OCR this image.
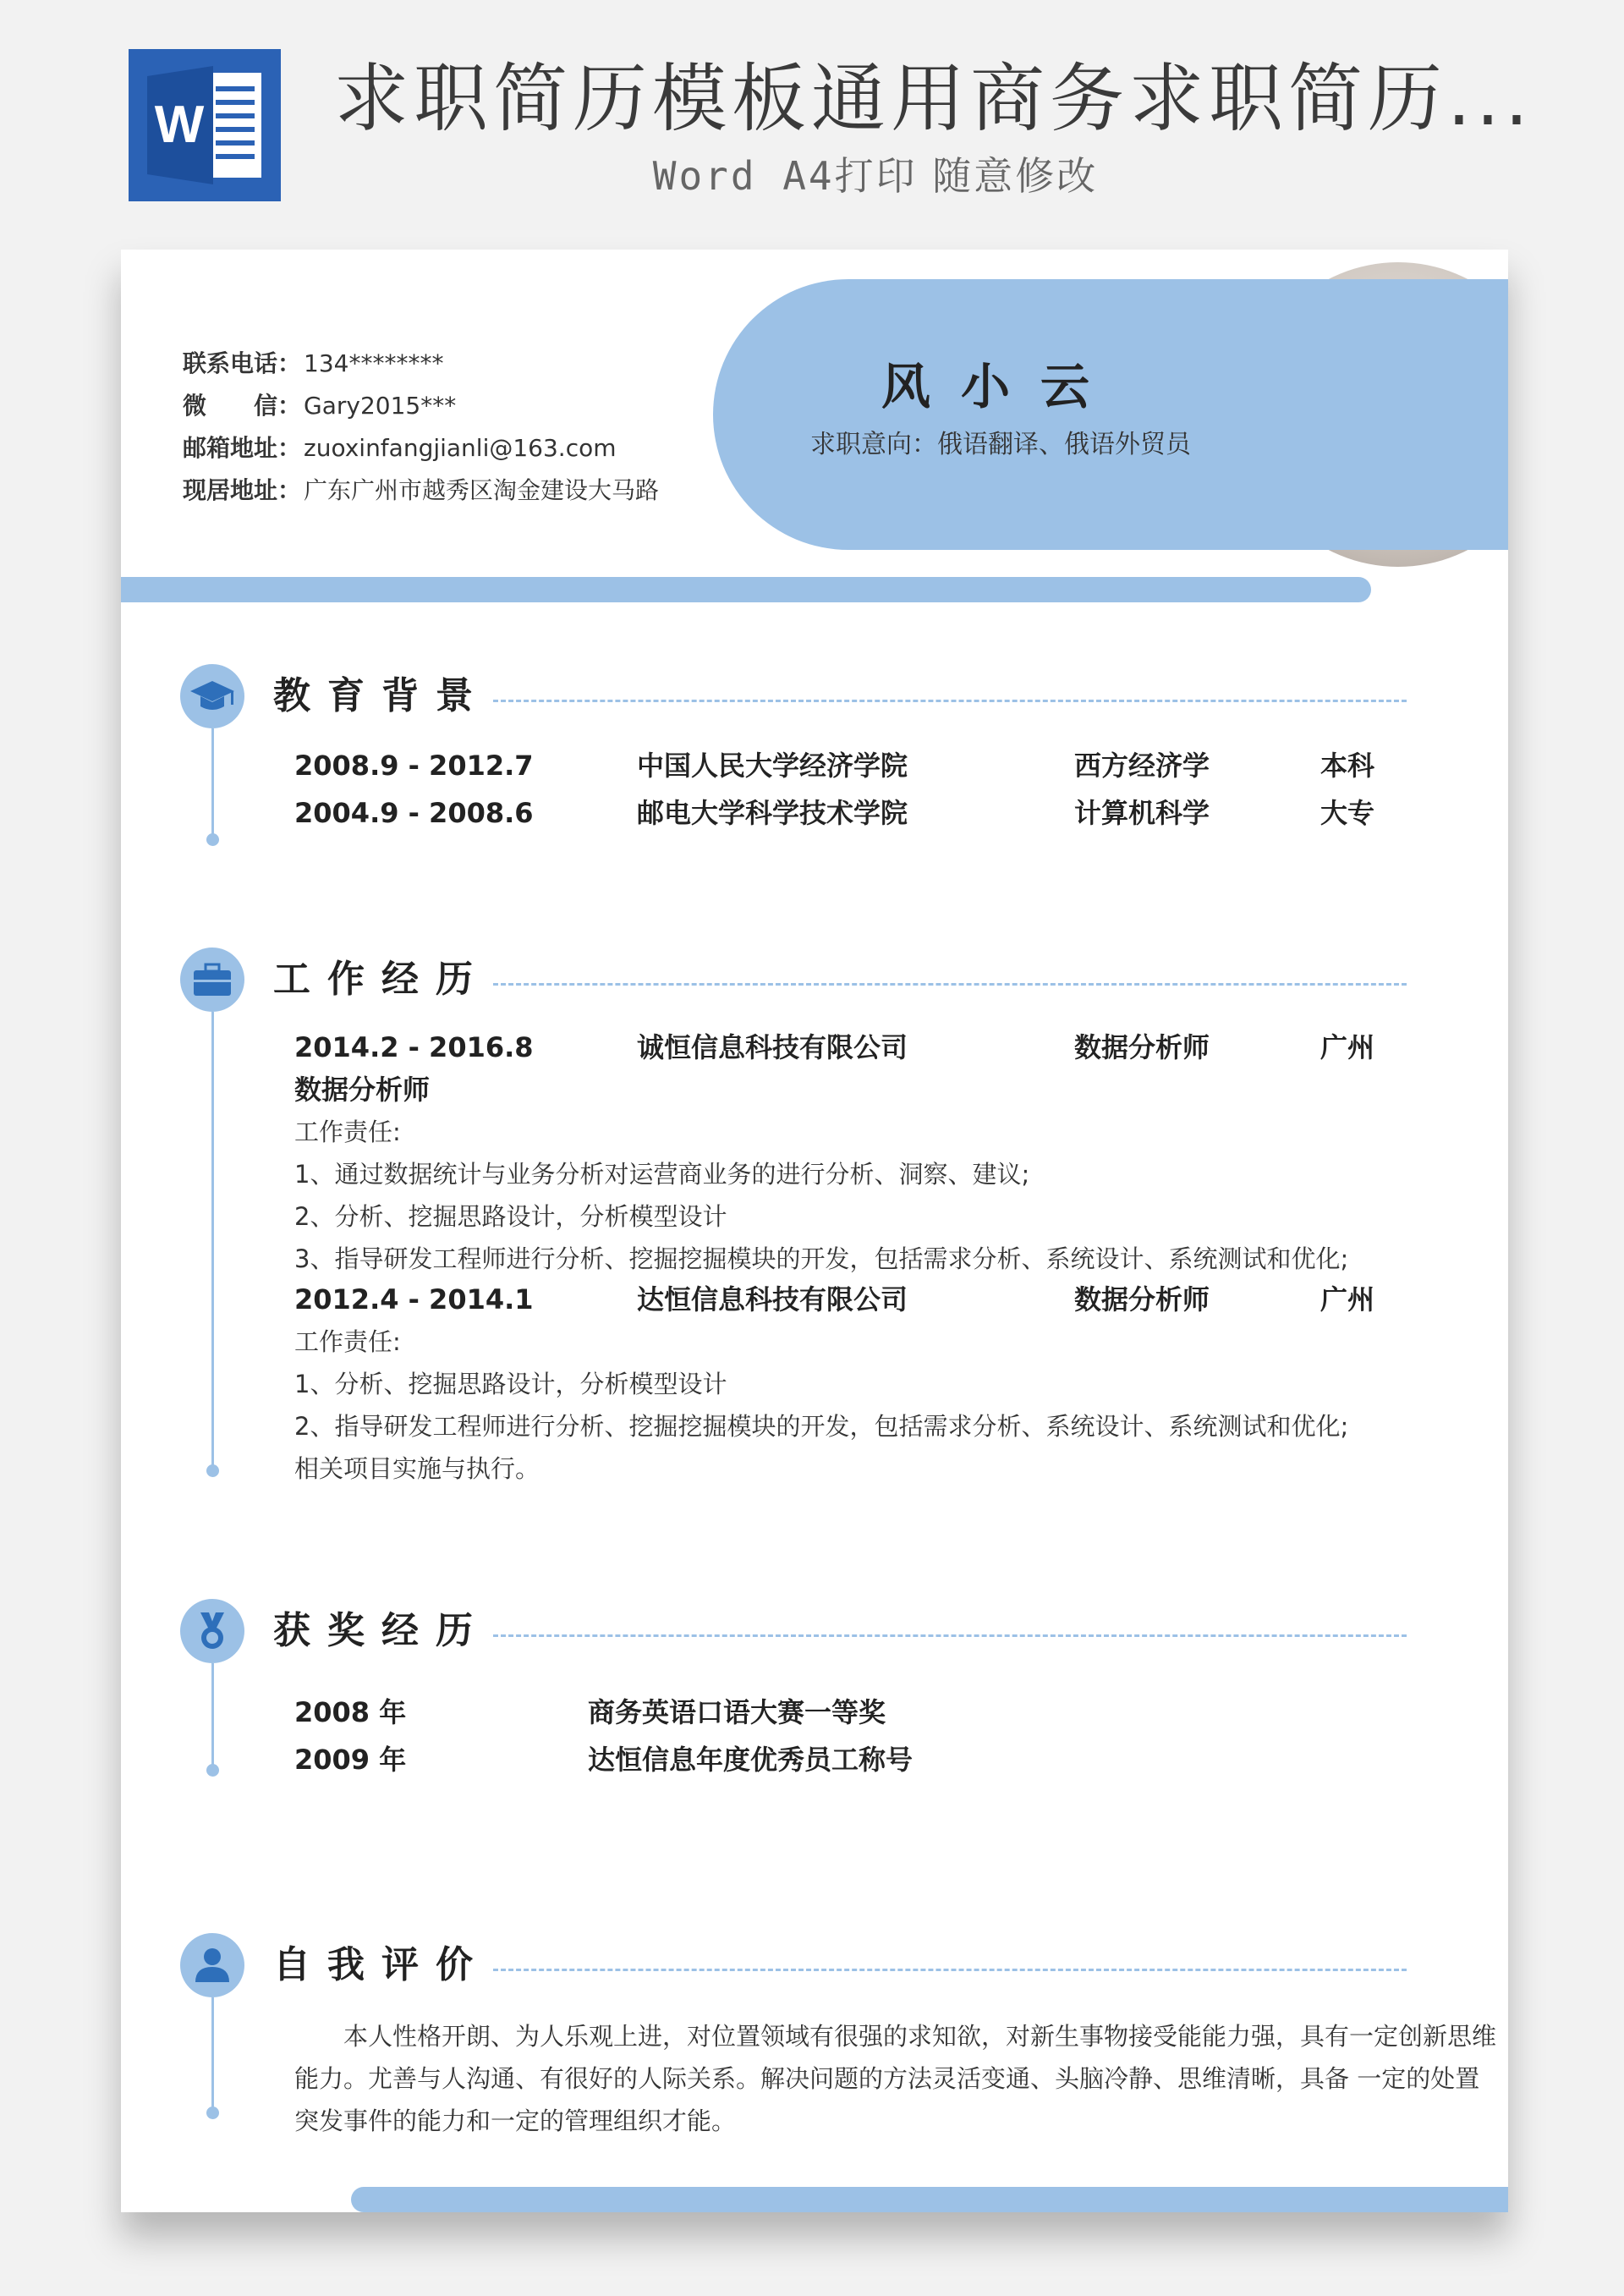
W 求职简历模板通用商务求职简历...
Word A4打印 随意修改
风小云
求职意向：俄语翻译、俄语外贸员
联系电话： 134********
微　　信： Gary2015***
邮箱地址： zuoxinfangjianli@163.com
现居地址： 广东广州市越秀区淘金建设大马路
教育背景
2008.9 - 2012.7	中国人民大学经济学院	西方经济学	本科
2004.9 - 2008.6	邮电大学科学技术学院	计算机科学	大专
工作经历
2014.2 - 2016.8	诚恒信息科技有限公司	数据分析师	广州
数据分析师
工作责任:
1、通过数据统计与业务分析对运营商业务的进行分析、洞察、建议;
2、分析、挖掘思路设计，分析模型设计
3、指导研发工程师进行分析、挖掘挖掘模块的开发，包括需求分析、系统设计、系统测试和优化;
2012.4 - 2014.1	达恒信息科技有限公司	数据分析师	广州
工作责任:
1、分析、挖掘思路设计，分析模型设计
2、指导研发工程师进行分析、挖掘挖掘模块的开发，包括需求分析、系统设计、系统测试和优化;
相关项目实施与执行。
获奖经历
2008 年	商务英语口语大赛一等奖
2009 年	达恒信息年度优秀员工称号
自我评价
本人性格开朗、为人乐观上进，对位置领域有很强的求知欲，对新生事物接受能能力强，具有一定创新思维能力。尤善与人沟通、有很好的人际关系。解决问题的方法灵活变通、头脑冷静、思维清晰，具备 一定的处置突发事件的能力和一定的管理组织才能。
